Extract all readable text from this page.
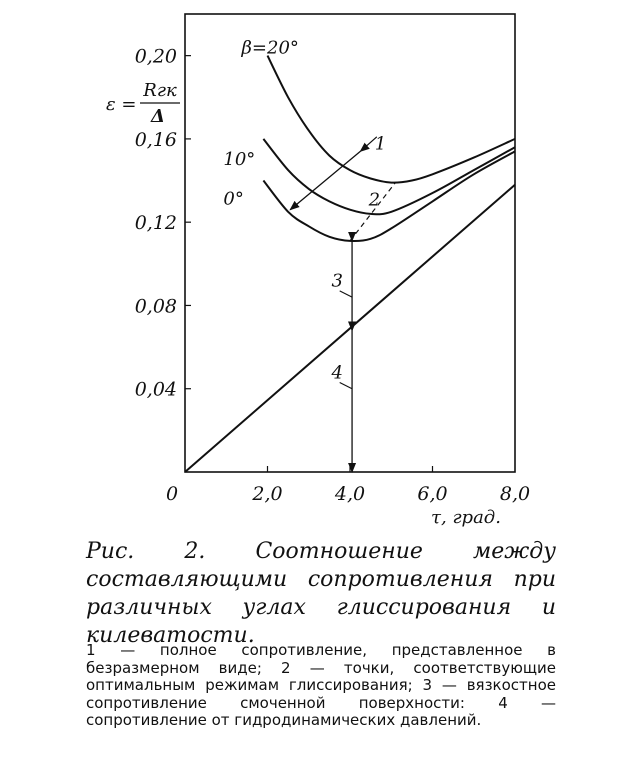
0	2,0	4,0	6,0	8,0
0,04
0,08
0,12
0,16
0,20
τ, град.
ε =
Rгк
Δ
β=20°
10°
0°
1
2
3
4
Рис. 2. Соотношение между составляющими сопротивления при различных углах глиссирования и килеватости.
1 — полное сопротивление, представленное в безразмерном виде; 2 — точки, соответствующие оптимальным режимам глиссирования; 3 — вязкостное сопротивление смоченной поверхности: 4 — сопротивление от гидродинамических давлений.
